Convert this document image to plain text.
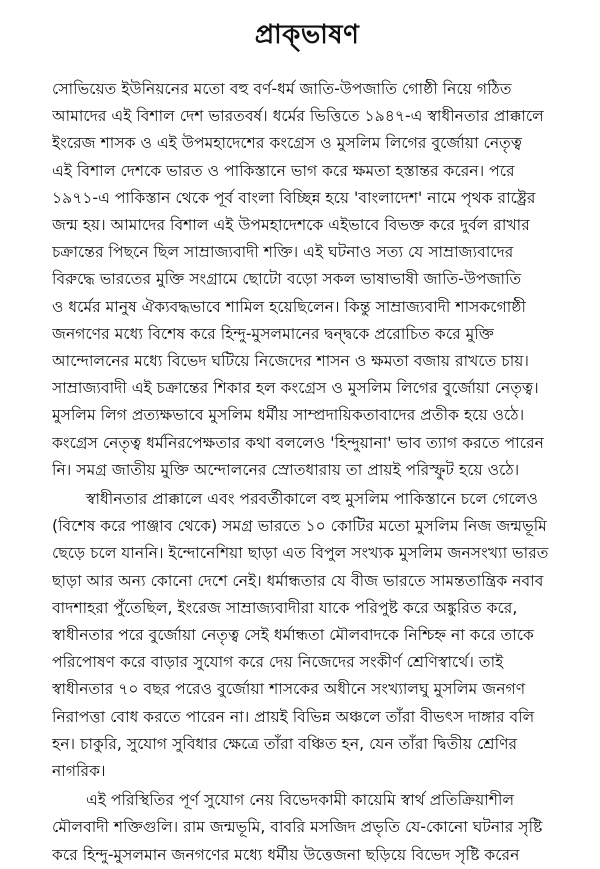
প্রাক্‌ভাষণ
সোভিয়েত ইউনিয়নের মতো বহু বর্ণ-ধর্ম জাতি-উপজাতি গোষ্ঠী নিয়ে গঠিত
আমাদের এই বিশাল দেশ ভারতবর্ষ। ধর্মের ভিত্তিতে ১৯৪৭-এ স্বাধীনতার প্রাক্কালে
ইংরেজ শাসক ও এই উপমহাদেশের কংগ্রেস ও মুসলিম লিগের বুর্জোয়া নেতৃত্ব
এই বিশাল দেশকে ভারত ও পাকিস্তানে ভাগ করে ক্ষমতা হস্তান্তর করেন। পরে
১৯৭১-এ পাকিস্তান থেকে পূর্ব বাংলা বিচ্ছিন্ন হয়ে 'বাংলাদেশ' নামে পৃথক রাষ্ট্রের
জন্ম হয়। আমাদের বিশাল এই উপমহাদেশকে এইভাবে বিভক্ত করে দুর্বল রাখার
চক্রান্তের পিছনে ছিল সাম্রাজ্যবাদী শক্তি। এই ঘটনাও সত্য যে সাম্রাজ্যবাদের
বিরুদ্ধে ভারতের মুক্তি সংগ্রামে ছোটো বড়ো সকল ভাষাভাষী জাতি-উপজাতি
ও ধর্মের মানুষ ঐক্যবদ্ধভাবে শামিল হয়েছিলেন। কিন্তু সাম্রাজ্যবাদী শাসকগোষ্ঠী
জনগণের মধ্যে বিশেষ করে হিন্দু-মুসলমানের দ্বন্দ্বকে প্ররোচিত করে মুক্তি
আন্দোলনের মধ্যে বিভেদ ঘটিয়ে নিজেদের শাসন ও ক্ষমতা বজায় রাখতে চায়।
সাম্রাজ্যবাদী এই চক্রান্তের শিকার হল কংগ্রেস ও মুসলিম লিগের বুর্জোয়া নেতৃত্ব।
মুসলিম লিগ প্রত্যক্ষভাবে মুসলিম ধর্মীয় সাম্প্রদায়িকতাবাদের প্রতীক হয়ে ওঠে।
কংগ্রেস নেতৃত্ব ধর্মনিরপেক্ষতার কথা বললেও 'হিন্দুয়ানা' ভাব ত্যাগ করতে পারেন
নি। সমগ্র জাতীয় মুক্তি অন্দোলনের স্রোতধারায় তা প্রায়ই পরিস্ফুট হয়ে ওঠে।
স্বাধীনতার প্রাক্কালে এবং পরবর্তীকালে বহু মুসলিম পাকিস্তানে চলে গেলেও
(বিশেষ করে পাঞ্জাব থেকে) সমগ্র ভারতে ১০ কোটির মতো মুসলিম নিজ জন্মভূমি
ছেড়ে চলে যাননি। ইন্দোনেশিয়া ছাড়া এত বিপুল সংখ্যক মুসলিম জনসংখ্যা ভারত
ছাড়া আর অন্য কোনো দেশে নেই। ধর্মান্ধতার যে বীজ ভারতে সামন্ততান্ত্রিক নবাব
বাদশাহরা পুঁতেছিল, ইংরেজ সাম্রাজ্যবাদীরা যাকে পরিপুষ্ট করে অঙ্কুরিত করে,
স্বাধীনতার পরে বুর্জোয়া নেতৃত্ব সেই ধর্মান্ধতা মৌলবাদকে নিশ্চিহ্ন না করে তাকে
পরিপোষণ করে বাড়ার সুযোগ করে দেয় নিজেদের সংকীর্ণ শ্রেণিস্বার্থে। তাই
স্বাধীনতার ৭০ বছর পরেও বুর্জোয়া শাসকের অধীনে সংখ্যালঘু মুসলিম জনগণ
নিরাপত্তা বোধ করতে পারেন না। প্রায়ই বিভিন্ন অঞ্চলে তাঁরা বীভৎস দাঙ্গার বলি
হন। চাকুরি, সুযোগ সুবিধার ক্ষেত্রে তাঁরা বঞ্চিত হন, যেন তাঁরা দ্বিতীয় শ্রেণির
নাগরিক।
এই পরিস্থিতির পূর্ণ সুযোগ নেয় বিভেদকামী কায়েমি স্বার্থ প্রতিক্রিয়াশীল
মৌলবাদী শক্তিগুলি। রাম জন্মভূমি, বাবরি মসজিদ প্রভৃতি যে-কোনো ঘটনার সৃষ্টি
করে হিন্দু-মুসলমান জনগণের মধ্যে ধর্মীয় উত্তেজনা ছড়িয়ে বিভেদ সৃষ্টি করেন
